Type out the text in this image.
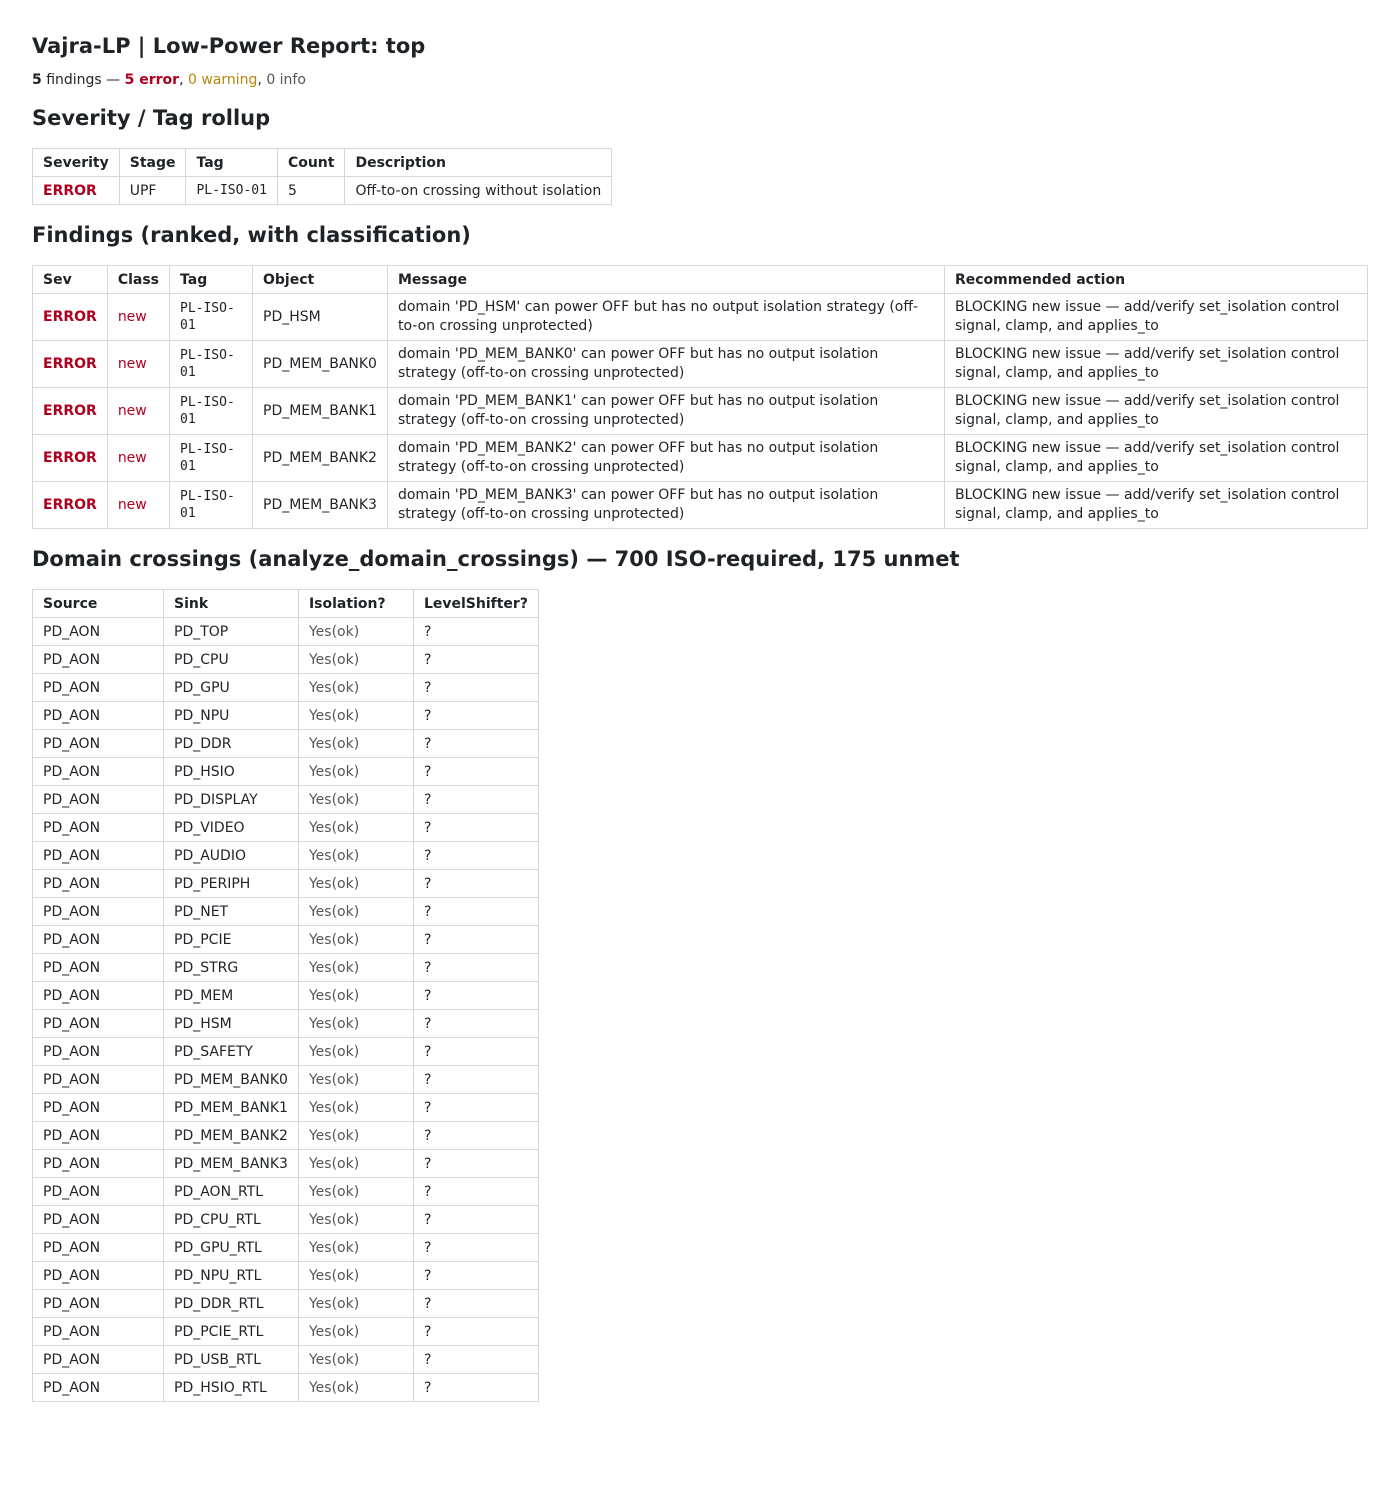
Vajra-LP | Low-Power Report: top
5 findings — 5 error, 0 warning, 0 info
Severity / Tag rollup
Severity	Stage	Tag	Count	Description
ERROR	UPF	PL-ISO-01	5	Off-to-on crossing without isolation
Findings (ranked, with classification)
Sev	Class	Tag	Object	Message	Recommended action
ERROR	new	PL-ISO-01	PD_HSM	domain 'PD_HSM' can power OFF but has no output isolation strategy (off-to-on crossing unprotected)	BLOCKING new issue — add/verify set_isolation control signal, clamp, and applies_to
ERROR	new	PL-ISO-01	PD_MEM_BANK0	domain 'PD_MEM_BANK0' can power OFF but has no output isolation strategy (off-to-on crossing unprotected)	BLOCKING new issue — add/verify set_isolation control signal, clamp, and applies_to
ERROR	new	PL-ISO-01	PD_MEM_BANK1	domain 'PD_MEM_BANK1' can power OFF but has no output isolation strategy (off-to-on crossing unprotected)	BLOCKING new issue — add/verify set_isolation control signal, clamp, and applies_to
ERROR	new	PL-ISO-01	PD_MEM_BANK2	domain 'PD_MEM_BANK2' can power OFF but has no output isolation strategy (off-to-on crossing unprotected)	BLOCKING new issue — add/verify set_isolation control signal, clamp, and applies_to
ERROR	new	PL-ISO-01	PD_MEM_BANK3	domain 'PD_MEM_BANK3' can power OFF but has no output isolation strategy (off-to-on crossing unprotected)	BLOCKING new issue — add/verify set_isolation control signal, clamp, and applies_to
Domain crossings (analyze_domain_crossings) — 700 ISO-required, 175 unmet
Source	Sink	Isolation?	LevelShifter?
PD_AON	PD_TOP	Yes(ok)	?
PD_AON	PD_CPU	Yes(ok)	?
PD_AON	PD_GPU	Yes(ok)	?
PD_AON	PD_NPU	Yes(ok)	?
PD_AON	PD_DDR	Yes(ok)	?
PD_AON	PD_HSIO	Yes(ok)	?
PD_AON	PD_DISPLAY	Yes(ok)	?
PD_AON	PD_VIDEO	Yes(ok)	?
PD_AON	PD_AUDIO	Yes(ok)	?
PD_AON	PD_PERIPH	Yes(ok)	?
PD_AON	PD_NET	Yes(ok)	?
PD_AON	PD_PCIE	Yes(ok)	?
PD_AON	PD_STRG	Yes(ok)	?
PD_AON	PD_MEM	Yes(ok)	?
PD_AON	PD_HSM	Yes(ok)	?
PD_AON	PD_SAFETY	Yes(ok)	?
PD_AON	PD_MEM_BANK0	Yes(ok)	?
PD_AON	PD_MEM_BANK1	Yes(ok)	?
PD_AON	PD_MEM_BANK2	Yes(ok)	?
PD_AON	PD_MEM_BANK3	Yes(ok)	?
PD_AON	PD_AON_RTL	Yes(ok)	?
PD_AON	PD_CPU_RTL	Yes(ok)	?
PD_AON	PD_GPU_RTL	Yes(ok)	?
PD_AON	PD_NPU_RTL	Yes(ok)	?
PD_AON	PD_DDR_RTL	Yes(ok)	?
PD_AON	PD_PCIE_RTL	Yes(ok)	?
PD_AON	PD_USB_RTL	Yes(ok)	?
PD_AON	PD_HSIO_RTL	Yes(ok)	?
